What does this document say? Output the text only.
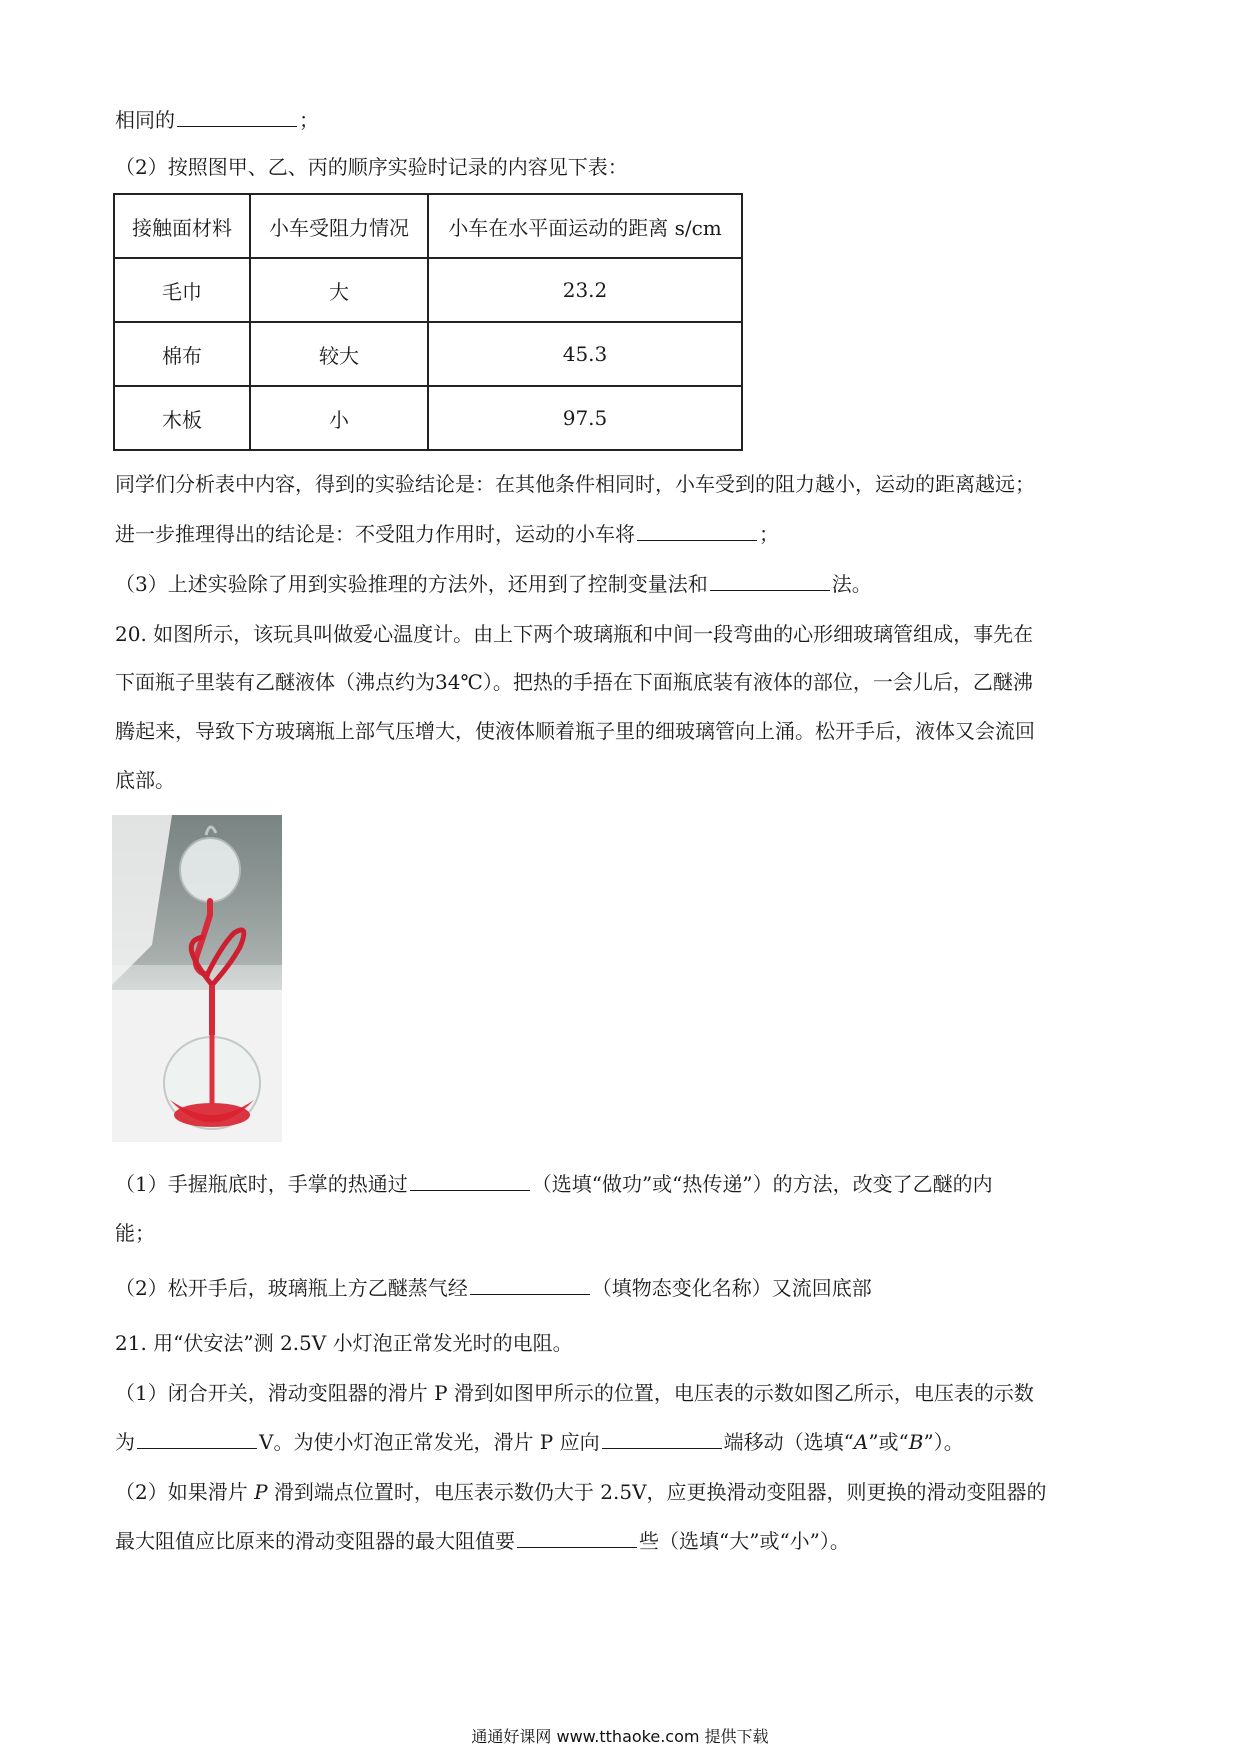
相同的	；
（2）按照图甲、乙、丙的顺序实验时记录的内容见下表：
接触面材料	小车受阻力情况	小车在水平面运动的距离 s/cm
毛巾	大	23.2
棉布	较大	45.3
木板	小	97.5
同学们分析表中内容，得到的实验结论是：在其他条件相同时，小车受到的阻力越小，运动的距离越远；
进一步推理得出的结论是：不受阻力作用时，运动的小车将	；
（3）上述实验除了用到实验推理的方法外，还用到了控制变量法和	法。
20. 如图所示，该玩具叫做爱心温度计。由上下两个玻璃瓶和中间一段弯曲的心形细玻璃管组成，事先在
下面瓶子里装有乙醚液体（沸点约为34℃）。把热的手捂在下面瓶底装有液体的部位，一会儿后，乙醚沸
腾起来，导致下方玻璃瓶上部气压增大，使液体顺着瓶子里的细玻璃管向上涌。松开手后，液体又会流回
底部。
（1）手握瓶底时，手掌的热通过	（选填“做功”或“热传递”）的方法，改变了乙醚的内
能；
（2）松开手后，玻璃瓶上方乙醚蒸气经	（填物态变化名称）又流回底部
21. 用“伏安法”测 2.5V 小灯泡正常发光时的电阻。
（1）闭合开关，滑动变阻器的滑片 P 滑到如图甲所示的位置，电压表的示数如图乙所示，电压表的示数
为	V。为使小灯泡正常发光，滑片 P 应向	端移动（选填“A”或“B”）。
（2）如果滑片 P 滑到端点位置时，电压表示数仍大于 2.5V，应更换滑动变阻器，则更换的滑动变阻器的
最大阻值应比原来的滑动变阻器的最大阻值要	些（选填“大”或“小”）。
通通好课网 www.tthaoke.com 提供下载
